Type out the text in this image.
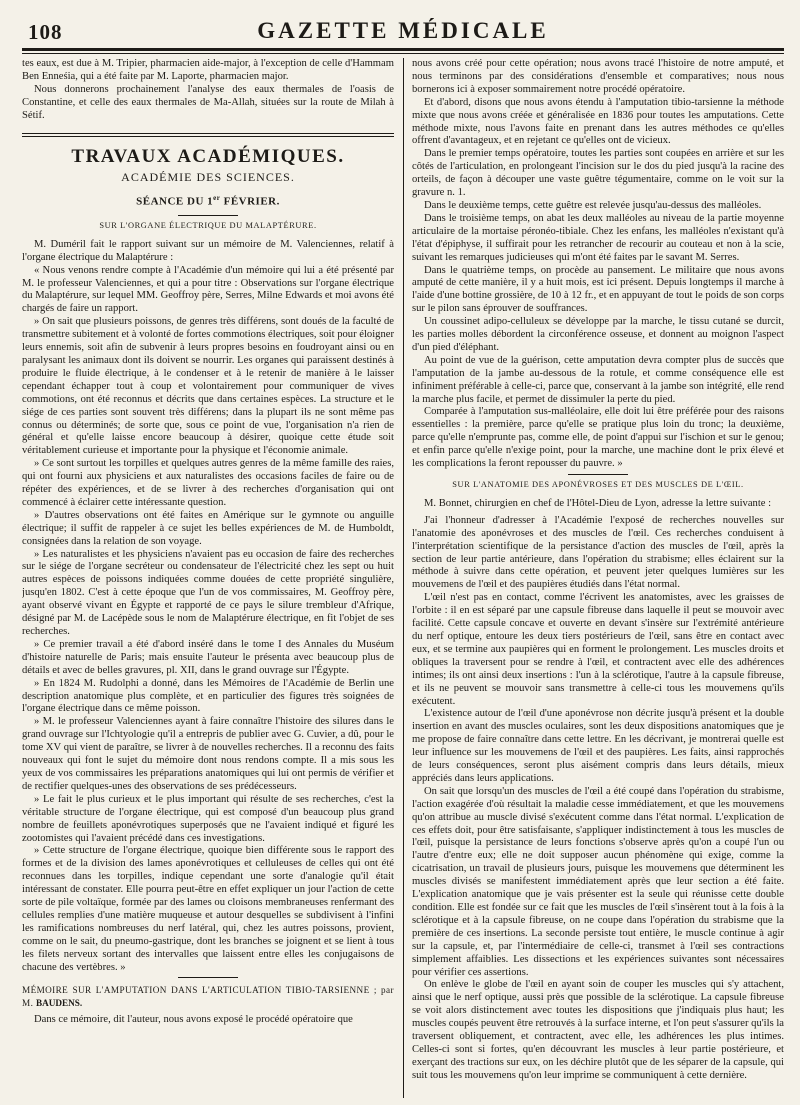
108	GAZETTE MÉDICALE

tes eaux, est due à M. Tripier, pharmacien aide-major, à l'exception de celle d'Hammam Ben Enneśia, qui a été faite par M. Laporte, pharmacien major.

Nous donnerons prochainement l'analyse des eaux thermales de l'oasis de Constantine, et celle des eaux thermales de Ma-Allah, situées sur la route de Milah à Sétif.

TRAVAUX ACADÉMIQUES.
ACADÉMIE DES SCIENCES.
SÉANCE DU 1er FÉVRIER.
SUR L'ORGANE ÉLECTRIQUE DU MALAPTÉRURE.

M. Duméril fait le rapport suivant sur un mémoire de M. Valenciennes, relatif à l'organe électrique du Malaptérure :

« Nous venons rendre compte à l'Académie d'un mémoire qui lui a été présenté par M. le professeur Valenciennes, et qui a pour titre : Observations sur l'organe électrique du Malaptérure, sur lequel MM. Geoffroy père, Serres, Milne Edwards et moi avons été chargés de faire un rapport.

» On sait que plusieurs poissons, de genres très différens, sont doués de la faculté de transmettre subitement et à volonté de fortes commotions électriques, soit pour éloigner leurs ennemis, soit afin de subvenir à leurs propres besoins en foudroyant ainsi ou en paralysant les animaux dont ils doivent se nourrir. Les organes qui paraissent destinés à produire le fluide électrique, à le condenser et à le retenir de manière à le laisser cependant échapper tout à coup et volontairement pour communiquer de vives commotions, ont été reconnus et décrits que dans certaines espèces. La structure et le siége de ces parties sont souvent très différens; dans la plupart ils ne sont même pas connus ou déterminés; de sorte que, sous ce point de vue, l'organisation n'a rien de général et qu'elle laisse encore beaucoup à désirer, quoique cette étude soit véritablement curieuse et importante pour la physique et l'économie animale.

» Ce sont surtout les torpilles et quelques autres genres de la même famille des raies, qui ont fourni aux physiciens et aux naturalistes des occasions faciles de faire ou de répéter des expériences, et de se livrer à des recherches d'organisation qui ont commencé à éclairer cette intéressante question.

» D'autres observations ont été faites en Amérique sur le gymnote ou anguille électrique; il suffit de rappeler à ce sujet les belles expériences de M. de Humboldt, consignées dans la relation de son voyage.

» Les naturalistes et les physiciens n'avaient pas eu occasion de faire des recherches sur le siége de l'organe secréteur ou condensateur de l'électricité chez les sept ou huit autres espèces de poissons indiquées comme douées de cette propriété singulière, jusqu'en 1802. C'est à cette époque que l'un de vos commissaires, M. Geoffroy père, ayant observé vivant en Égypte et rapporté de ce pays le silure trembleur d'Afrique, désigné par M. de Lacépède sous le nom de Malaptérure électrique, en fit l'objet de ses recherches.

» Ce premier travail a été d'abord inséré dans le tome I des Annales du Muséum d'histoire naturelle de Paris; mais ensuite l'auteur le présenta avec beaucoup plus de détails et avec de belles gravures, pl. XII, dans le grand ouvrage sur l'Égypte.

» En 1824 M. Rudolphi a donné, dans les Mémoires de l'Académie de Berlin une description anatomique plus complète, et en particulier des figures très soignées de l'organe électrique dans ce même poisson.

» M. le professeur Valenciennes ayant à faire connaître l'histoire des silures dans le grand ouvrage sur l'Ichtyologie qu'il a entrepris de publier avec G. Cuvier, a dû, pour le tome XV qui vient de paraître, se livrer à de nouvelles recherches. Il a reconnu des faits nouveaux qui font le sujet du mémoire dont nous rendons compte. Il a mis sous les yeux de vos commissaires les préparations anatomiques qui lui ont permis de vérifier et de rectifier quelques-unes des observations de ses prédécesseurs.

» Le fait le plus curieux et le plus important qui résulte de ses recherches, c'est la véritable structure de l'organe électrique, qui est composé d'un beaucoup plus grand nombre de feuillets aponévrotiques superposés que ne l'avaient indiqué et figuré les zootomistes qui l'avaient précédé dans ces investigations.

» Cette structure de l'organe électrique, quoique bien différente sous le rapport des formes et de la division des lames aponévrotiques et celluleuses de celles qui ont été reconnues dans les torpilles, indique cependant une sorte d'analogie qu'il était intéressant de constater. Elle pourra peut-être en effet expliquer un jour l'action de cette sorte de pile voltaïque, formée par des lames ou cloisons membraneuses renfermant des cellules remplies d'une matière muqueuse et autour desquelles se subdivisent à l'infini les ramifications nombreuses du nerf latéral, qui, chez les autres poissons, provient, comme on le sait, du pneumo-gastrique, dont les branches se joignent et se lient à tous les filets nerveux sortant des intervalles que laissent entre elles les conjugaisons de chacune des vertèbres. »

MÉMOIRE SUR L'AMPUTATION DANS L'ARTICULATION TIBIO-TARSIENNE ; par M. BAUDENS.

Dans ce mémoire, dit l'auteur, nous avons exposé le procédé opératoire que

nous avons créé pour cette opération; nous avons tracé l'histoire de notre amputé, et nous terminons par des considérations d'ensemble et comparatives; nous nous bornerons ici à exposer sommairement notre procédé opératoire.

Et d'abord, disons que nous avons étendu à l'amputation tibio-tarsienne la méthode mixte que nous avons créée et généralisée en 1836 pour toutes les amputations. Cette méthode mixte, nous l'avons faite en prenant dans les autres méthodes ce qu'elles offrent d'avantageux, et en rejetant ce qu'elles ont de vicieux.

Dans le premier temps opératoire, toutes les parties sont coupées en arrière et sur les côtés de l'articulation, en prolongeant l'incision sur le dos du pied jusqu'à la racine des orteils, de façon à découper une vaste guêtre tégumentaire, comme on le voit sur la gravure n. 1.

Dans le deuxième temps, cette guêtre est relevée jusqu'au-dessus des malléoles.

Dans le troisième temps, on abat les deux malléoles au niveau de la partie moyenne articulaire de la mortaise péronéo-tibiale. Chez les enfans, les malléoles n'existant qu'à l'état d'épiphyse, il suffirait pour les retrancher de recourir au couteau et non à la scie, suivant les remarques judicieuses qui m'ont été faites par le savant M. Serres.

Dans le quatrième temps, on procède au pansement. Le militaire que nous avons amputé de cette manière, il y a huit mois, est ici présent. Depuis longtemps il marche à l'aide d'une bottine grossière, de 10 à 12 fr., et en appuyant de tout le poids de son corps sur le pilon sans éprouver de souffrances.

Un coussinet adipo-celluleux se développe par la marche, le tissu cutané se durcit, les parties molles débordent la circonférence osseuse, et donnent au moignon l'aspect d'un pied d'éléphant.

Au point de vue de la guérison, cette amputation devra compter plus de succès que l'amputation de la jambe au-dessous de la rotule, et comme conséquence elle est infiniment préférable à celle-ci, parce que, conservant à la jambe son intégrité, elle rend la marche plus facile, et permet de dissimuler la perte du pied.

Comparée à l'amputation sus-malléolaire, elle doit lui être préférée pour des raisons essentielles : la première, parce qu'elle se pratique plus loin du tronc; la deuxième, parce qu'elle n'emprunte pas, comme elle, de point d'appui sur l'ischion et sur le genou; et enfin parce qu'elle n'exige point, pour la marche, une machine dont le prix élevé et les complications la feront repousser du pauvre. »

SUR L'ANATOMIE DES APONÉVROSES ET DES MUSCLES DE L'ŒIL.

M. Bonnet, chirurgien en chef de l'Hôtel-Dieu de Lyon, adresse la lettre suivante :

J'ai l'honneur d'adresser à l'Académie l'exposé de recherches nouvelles sur l'anatomie des aponévroses et des muscles de l'œil. Ces recherches conduisent à l'interprétation scientifique de la persistance d'action des muscles de l'œil, après la section de leur partie antérieure, dans l'opération du strabisme; elles éclairent sur la méthode à suivre dans cette opération, et peuvent jeter quelques lumières sur les mouvemens de l'œil et des paupières étudiés dans l'état normal.

L'œil n'est pas en contact, comme l'écrivent les anatomistes, avec les graisses de l'orbite : il en est séparé par une capsule fibreuse dans laquelle il peut se mouvoir avec facilité. Cette capsule concave et ouverte en devant s'insère sur l'extrémité antérieure du nerf optique, entoure les deux tiers postérieurs de l'œil, sans être en contact avec eux, et se termine aux paupières qui en forment le prolongement. Les muscles droits et obliques la traversent pour se rendre à l'œil, et contractent avec elle des adhérences intimes; ils ont ainsi deux insertions : l'un à la sclérotique, l'autre à la capsule fibreuse, et ils ne peuvent se mouvoir sans transmettre à celle-ci tous les mouvemens qu'ils exécutent.

L'existence autour de l'œil d'une aponévrose non décrite jusqu'à présent et la double insertion en avant des muscles oculaires, sont les deux dispositions anatomiques que je me propose de faire connaître dans cette lettre. En les décrivant, je montrerai quelle est leur influence sur les mouvemens de l'œil et des paupières. Les faits, ainsi rapprochés de leurs conséquences, seront plus aisément compris dans leurs détails, mieux appréciés dans leurs applications.

On sait que lorsqu'un des muscles de l'œil a été coupé dans l'opération du strabisme, l'action exagérée d'où résultait la maladie cesse immédiatement, et que les mouvemens qu'on attribue au muscle divisé s'exécutent comme dans l'état normal. L'explication de ces effets doit, pour être satisfaisante, s'appliquer indistinctement à tous les muscles de l'œil, puisque la persistance de leurs fonctions s'observe après qu'on a coupé l'un ou l'autre d'entre eux; elle ne doit supposer aucun phénomène qui exige, comme la cicatrisation, un travail de plusieurs jours, puisque les mouvemens que déterminent les muscles divisés se manifestent immédiatement après que leur section a été faite. L'explication anatomique que je vais présenter est la seule qui réunisse cette double condition. Elle est fondée sur ce fait que les muscles de l'œil s'insèrent tout à la fois à la sclérotique et à la capsule fibreuse, on ne coupe dans l'opération du strabisme que la première de ces insertions. La seconde persiste tout entière, le muscle continue à agir sur la capsule, et, par l'intermédiaire de celle-ci, transmet à l'œil ses contractions simplement affaiblies. Les dissections et les expériences suivantes sont nécessaires pour vérifier ces assertions.

On enlève le globe de l'œil en ayant soin de couper les muscles qui s'y attachent, ainsi que le nerf optique, aussi près que possible de la sclérotique. La capsule fibreuse se voit alors distinctement avec toutes les dispositions que j'indiquais plus haut; les muscles coupés peuvent être retrouvés à la surface interne, et l'on peut s'assurer qu'ils la traversent obliquement, et contractent, avec elle, les adhérences les plus intimes. Celles-ci sont si fortes, qu'en découvrant les muscles à leur partie postérieure, et exerçant des tractions sur eux, on les déchire plutôt que de les séparer de la capsule, qui suit tous les mouvemens qu'on leur imprime se communiquent à cette dernière.
